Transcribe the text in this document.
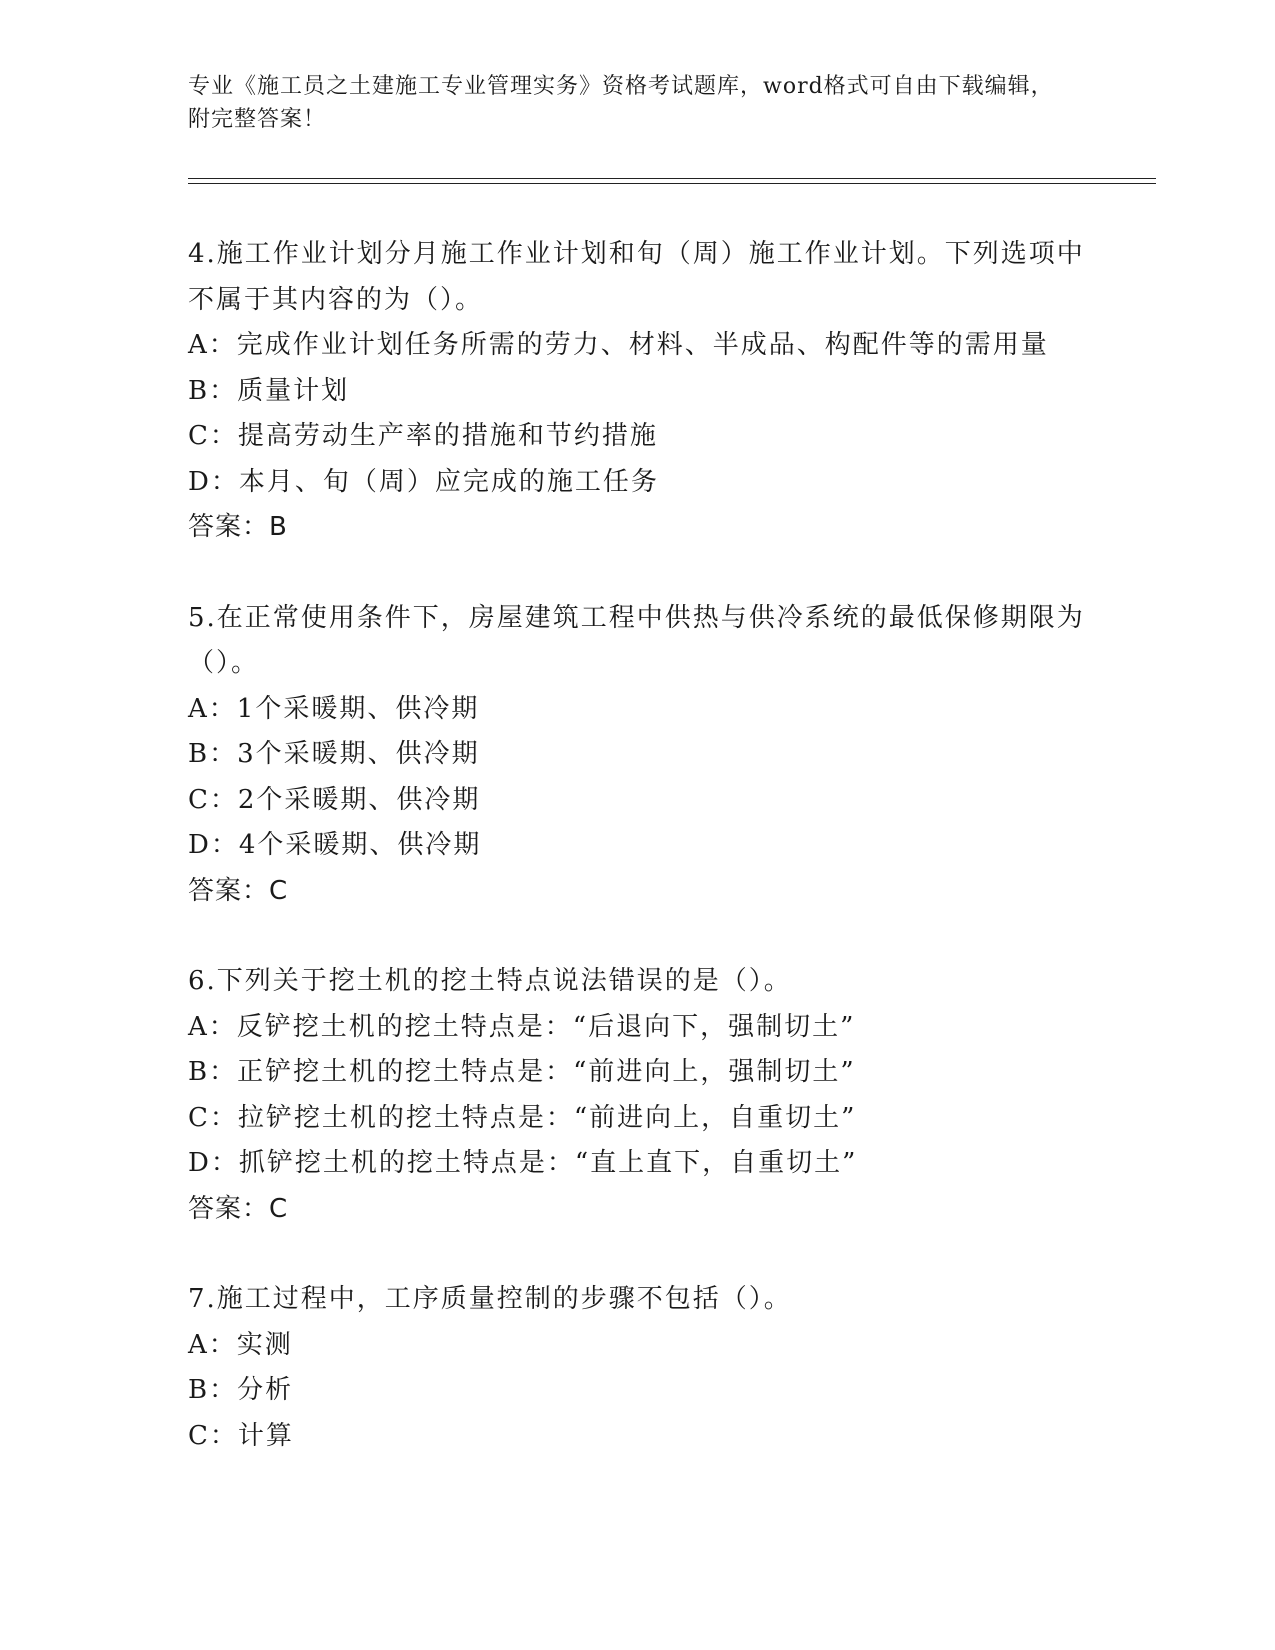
专业《施工员之土建施工专业管理实务》资格考试题库，word格式可自由下载编辑，附完整答案！
4.施工作业计划分月施工作业计划和旬（周）施工作业计划。下列选项中不属于其内容的为（）。
A：完成作业计划任务所需的劳力、材料、半成品、构配件等的需用量
B：质量计划
C：提高劳动生产率的措施和节约措施
D：本月、旬（周）应完成的施工任务
答案：B
5.在正常使用条件下，房屋建筑工程中供热与供冷系统的最低保修期限为（）。
A：1个采暖期、供冷期
B：3个采暖期、供冷期
C：2个采暖期、供冷期
D：4个采暖期、供冷期
答案：C
6.下列关于挖土机的挖土特点说法错误的是（）。
A：反铲挖土机的挖土特点是：“后退向下，强制切土”
B：正铲挖土机的挖土特点是：“前进向上，强制切土”
C：拉铲挖土机的挖土特点是：“前进向上，自重切土”
D：抓铲挖土机的挖土特点是：“直上直下，自重切土”
答案：C
7.施工过程中，工序质量控制的步骤不包括（）。
A：实测
B：分析
C：计算
